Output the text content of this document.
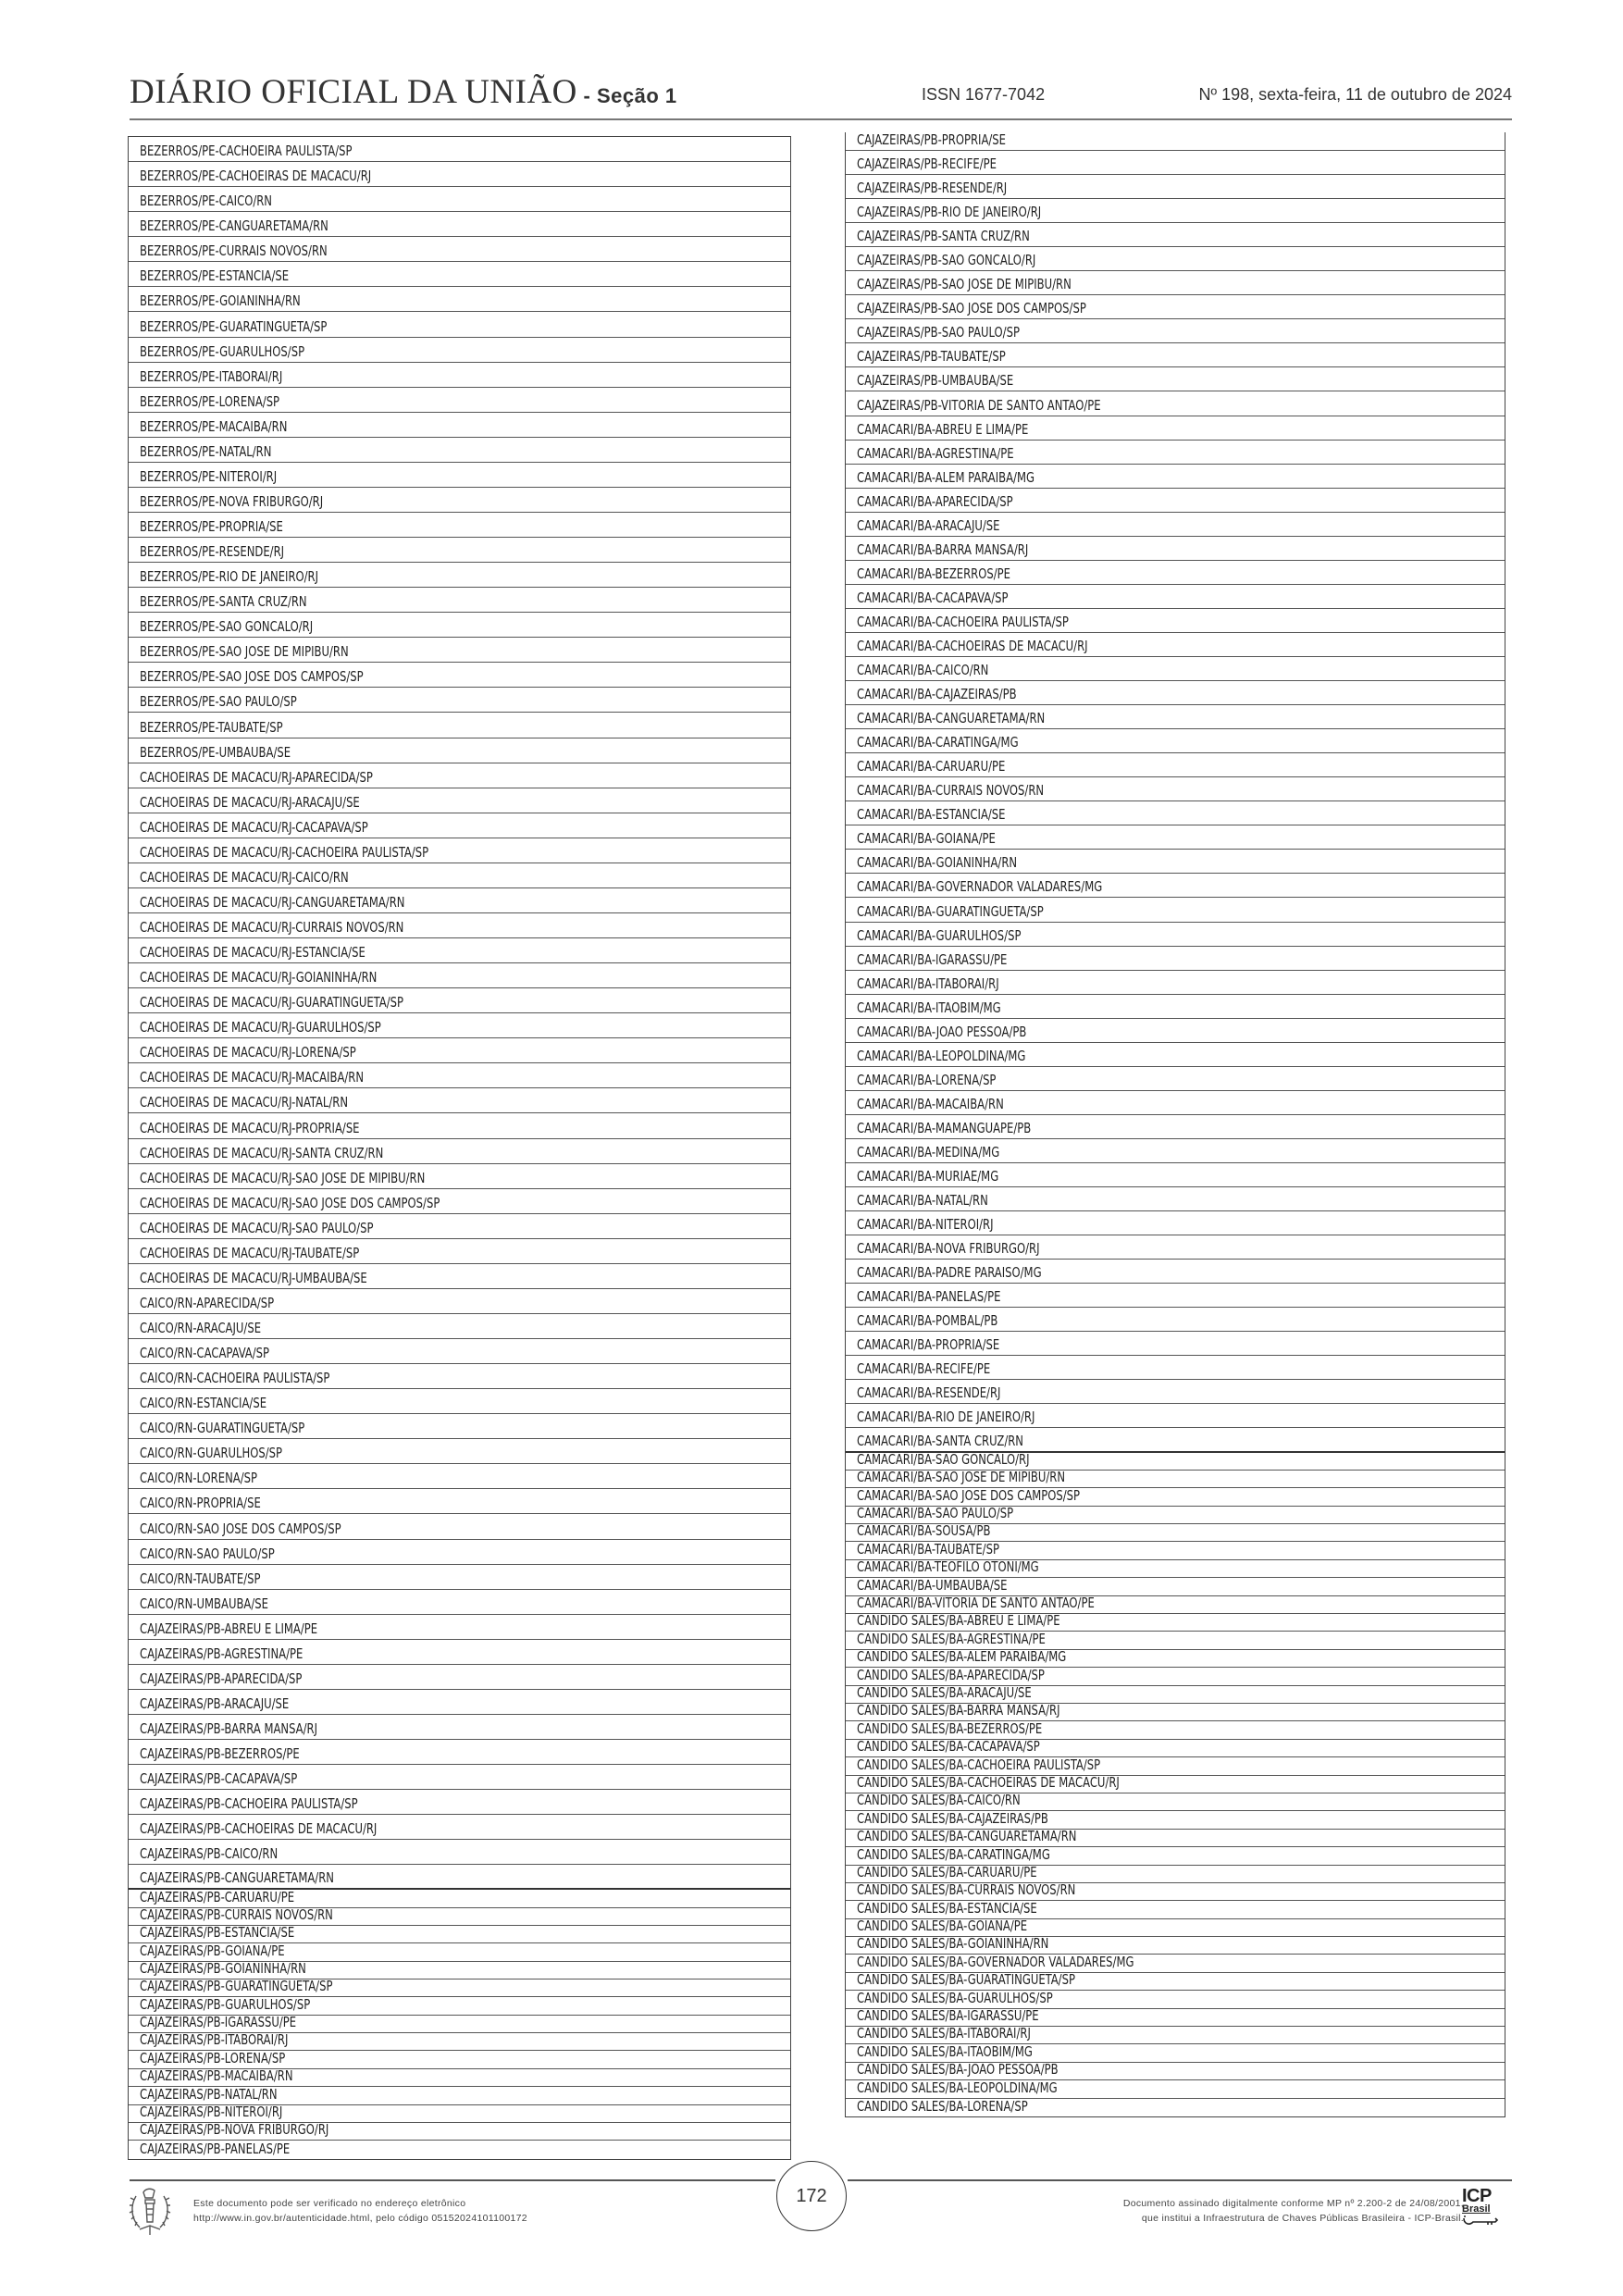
DIÁRIO OFICIAL DA UNIÃO - Seção 1	ISSN 1677-7042	Nº 198, sexta-feira, 11 de outubro de 2024
BEZERROS/PE-CACHOEIRA PAULISTA/SP
BEZERROS/PE-CACHOEIRAS DE MACACU/RJ
BEZERROS/PE-CAICO/RN
BEZERROS/PE-CANGUARETAMA/RN
BEZERROS/PE-CURRAIS NOVOS/RN
BEZERROS/PE-ESTANCIA/SE
BEZERROS/PE-GOIANINHA/RN
BEZERROS/PE-GUARATINGUETA/SP
BEZERROS/PE-GUARULHOS/SP
BEZERROS/PE-ITABORAI/RJ
BEZERROS/PE-LORENA/SP
BEZERROS/PE-MACAIBA/RN
BEZERROS/PE-NATAL/RN
BEZERROS/PE-NITEROI/RJ
BEZERROS/PE-NOVA FRIBURGO/RJ
BEZERROS/PE-PROPRIA/SE
BEZERROS/PE-RESENDE/RJ
BEZERROS/PE-RIO DE JANEIRO/RJ
BEZERROS/PE-SANTA CRUZ/RN
BEZERROS/PE-SAO GONCALO/RJ
BEZERROS/PE-SAO JOSE DE MIPIBU/RN
BEZERROS/PE-SAO JOSE DOS CAMPOS/SP
BEZERROS/PE-SAO PAULO/SP
BEZERROS/PE-TAUBATE/SP
BEZERROS/PE-UMBAUBA/SE
CACHOEIRAS DE MACACU/RJ-APARECIDA/SP
CACHOEIRAS DE MACACU/RJ-ARACAJU/SE
CACHOEIRAS DE MACACU/RJ-CACAPAVA/SP
CACHOEIRAS DE MACACU/RJ-CACHOEIRA PAULISTA/SP
CACHOEIRAS DE MACACU/RJ-CAICO/RN
CACHOEIRAS DE MACACU/RJ-CANGUARETAMA/RN
CACHOEIRAS DE MACACU/RJ-CURRAIS NOVOS/RN
CACHOEIRAS DE MACACU/RJ-ESTANCIA/SE
CACHOEIRAS DE MACACU/RJ-GOIANINHA/RN
CACHOEIRAS DE MACACU/RJ-GUARATINGUETA/SP
CACHOEIRAS DE MACACU/RJ-GUARULHOS/SP
CACHOEIRAS DE MACACU/RJ-LORENA/SP
CACHOEIRAS DE MACACU/RJ-MACAIBA/RN
CACHOEIRAS DE MACACU/RJ-NATAL/RN
CACHOEIRAS DE MACACU/RJ-PROPRIA/SE
CACHOEIRAS DE MACACU/RJ-SANTA CRUZ/RN
CACHOEIRAS DE MACACU/RJ-SAO JOSE DE MIPIBU/RN
CACHOEIRAS DE MACACU/RJ-SAO JOSE DOS CAMPOS/SP
CACHOEIRAS DE MACACU/RJ-SAO PAULO/SP
CACHOEIRAS DE MACACU/RJ-TAUBATE/SP
CACHOEIRAS DE MACACU/RJ-UMBAUBA/SE
CAICO/RN-APARECIDA/SP
CAICO/RN-ARACAJU/SE
CAICO/RN-CACAPAVA/SP
CAICO/RN-CACHOEIRA PAULISTA/SP
CAICO/RN-ESTANCIA/SE
CAICO/RN-GUARATINGUETA/SP
CAICO/RN-GUARULHOS/SP
CAICO/RN-LORENA/SP
CAICO/RN-PROPRIA/SE
CAICO/RN-SAO JOSE DOS CAMPOS/SP
CAICO/RN-SAO PAULO/SP
CAICO/RN-TAUBATE/SP
CAICO/RN-UMBAUBA/SE
CAJAZEIRAS/PB-ABREU E LIMA/PE
CAJAZEIRAS/PB-AGRESTINA/PE
CAJAZEIRAS/PB-APARECIDA/SP
CAJAZEIRAS/PB-ARACAJU/SE
CAJAZEIRAS/PB-BARRA MANSA/RJ
CAJAZEIRAS/PB-BEZERROS/PE
CAJAZEIRAS/PB-CACAPAVA/SP
CAJAZEIRAS/PB-CACHOEIRA PAULISTA/SP
CAJAZEIRAS/PB-CACHOEIRAS DE MACACU/RJ
CAJAZEIRAS/PB-CAICO/RN
CAJAZEIRAS/PB-CANGUARETAMA/RN
CAJAZEIRAS/PB-CARUARU/PE
CAJAZEIRAS/PB-CURRAIS NOVOS/RN
CAJAZEIRAS/PB-ESTANCIA/SE
CAJAZEIRAS/PB-GOIANA/PE
CAJAZEIRAS/PB-GOIANINHA/RN
CAJAZEIRAS/PB-GUARATINGUETA/SP
CAJAZEIRAS/PB-GUARULHOS/SP
CAJAZEIRAS/PB-IGARASSU/PE
CAJAZEIRAS/PB-ITABORAI/RJ
CAJAZEIRAS/PB-LORENA/SP
CAJAZEIRAS/PB-MACAIBA/RN
CAJAZEIRAS/PB-NATAL/RN
CAJAZEIRAS/PB-NITEROI/RJ
CAJAZEIRAS/PB-NOVA FRIBURGO/RJ
CAJAZEIRAS/PB-PANELAS/PE
CAJAZEIRAS/PB-PROPRIA/SE
CAJAZEIRAS/PB-RECIFE/PE
CAJAZEIRAS/PB-RESENDE/RJ
CAJAZEIRAS/PB-RIO DE JANEIRO/RJ
CAJAZEIRAS/PB-SANTA CRUZ/RN
CAJAZEIRAS/PB-SAO GONCALO/RJ
CAJAZEIRAS/PB-SAO JOSE DE MIPIBU/RN
CAJAZEIRAS/PB-SAO JOSE DOS CAMPOS/SP
CAJAZEIRAS/PB-SAO PAULO/SP
CAJAZEIRAS/PB-TAUBATE/SP
CAJAZEIRAS/PB-UMBAUBA/SE
CAJAZEIRAS/PB-VITORIA DE SANTO ANTAO/PE
CAMACARI/BA-ABREU E LIMA/PE
CAMACARI/BA-AGRESTINA/PE
CAMACARI/BA-ALEM PARAIBA/MG
CAMACARI/BA-APARECIDA/SP
CAMACARI/BA-ARACAJU/SE
CAMACARI/BA-BARRA MANSA/RJ
CAMACARI/BA-BEZERROS/PE
CAMACARI/BA-CACAPAVA/SP
CAMACARI/BA-CACHOEIRA PAULISTA/SP
CAMACARI/BA-CACHOEIRAS DE MACACU/RJ
CAMACARI/BA-CAICO/RN
CAMACARI/BA-CAJAZEIRAS/PB
CAMACARI/BA-CANGUARETAMA/RN
CAMACARI/BA-CARATINGA/MG
CAMACARI/BA-CARUARU/PE
CAMACARI/BA-CURRAIS NOVOS/RN
CAMACARI/BA-ESTANCIA/SE
CAMACARI/BA-GOIANA/PE
CAMACARI/BA-GOIANINHA/RN
CAMACARI/BA-GOVERNADOR VALADARES/MG
CAMACARI/BA-GUARATINGUETA/SP
CAMACARI/BA-GUARULHOS/SP
CAMACARI/BA-IGARASSU/PE
CAMACARI/BA-ITABORAI/RJ
CAMACARI/BA-ITAOBIM/MG
CAMACARI/BA-JOAO PESSOA/PB
CAMACARI/BA-LEOPOLDINA/MG
CAMACARI/BA-LORENA/SP
CAMACARI/BA-MACAIBA/RN
CAMACARI/BA-MAMANGUAPE/PB
CAMACARI/BA-MEDINA/MG
CAMACARI/BA-MURIAE/MG
CAMACARI/BA-NATAL/RN
CAMACARI/BA-NITEROI/RJ
CAMACARI/BA-NOVA FRIBURGO/RJ
CAMACARI/BA-PADRE PARAISO/MG
CAMACARI/BA-PANELAS/PE
CAMACARI/BA-POMBAL/PB
CAMACARI/BA-PROPRIA/SE
CAMACARI/BA-RECIFE/PE
CAMACARI/BA-RESENDE/RJ
CAMACARI/BA-RIO DE JANEIRO/RJ
CAMACARI/BA-SANTA CRUZ/RN
CAMACARI/BA-SAO GONCALO/RJ
CAMACARI/BA-SAO JOSE DE MIPIBU/RN
CAMACARI/BA-SAO JOSE DOS CAMPOS/SP
CAMACARI/BA-SAO PAULO/SP
CAMACARI/BA-SOUSA/PB
CAMACARI/BA-TAUBATE/SP
CAMACARI/BA-TEOFILO OTONI/MG
CAMACARI/BA-UMBAUBA/SE
CAMACARI/BA-VITORIA DE SANTO ANTAO/PE
CANDIDO SALES/BA-ABREU E LIMA/PE
CANDIDO SALES/BA-AGRESTINA/PE
CANDIDO SALES/BA-ALEM PARAIBA/MG
CANDIDO SALES/BA-APARECIDA/SP
CANDIDO SALES/BA-ARACAJU/SE
CANDIDO SALES/BA-BARRA MANSA/RJ
CANDIDO SALES/BA-BEZERROS/PE
CANDIDO SALES/BA-CACAPAVA/SP
CANDIDO SALES/BA-CACHOEIRA PAULISTA/SP
CANDIDO SALES/BA-CACHOEIRAS DE MACACU/RJ
CANDIDO SALES/BA-CAICO/RN
CANDIDO SALES/BA-CAJAZEIRAS/PB
CANDIDO SALES/BA-CANGUARETAMA/RN
CANDIDO SALES/BA-CARATINGA/MG
CANDIDO SALES/BA-CARUARU/PE
CANDIDO SALES/BA-CURRAIS NOVOS/RN
CANDIDO SALES/BA-ESTANCIA/SE
CANDIDO SALES/BA-GOIANA/PE
CANDIDO SALES/BA-GOIANINHA/RN
CANDIDO SALES/BA-GOVERNADOR VALADARES/MG
CANDIDO SALES/BA-GUARATINGUETA/SP
CANDIDO SALES/BA-GUARULHOS/SP
CANDIDO SALES/BA-IGARASSU/PE
CANDIDO SALES/BA-ITABORAI/RJ
CANDIDO SALES/BA-ITAOBIM/MG
CANDIDO SALES/BA-JOAO PESSOA/PB
CANDIDO SALES/BA-LEOPOLDINA/MG
CANDIDO SALES/BA-LORENA/SP
172
Este documento pode ser verificado no endereço eletrônico
http://www.in.gov.br/autenticidade.html, pelo código 05152024101100172
Documento assinado digitalmente conforme MP nº 2.200-2 de 24/08/2001,
que institui a Infraestrutura de Chaves Públicas Brasileira - ICP-Brasil.
ICP
Brasil
